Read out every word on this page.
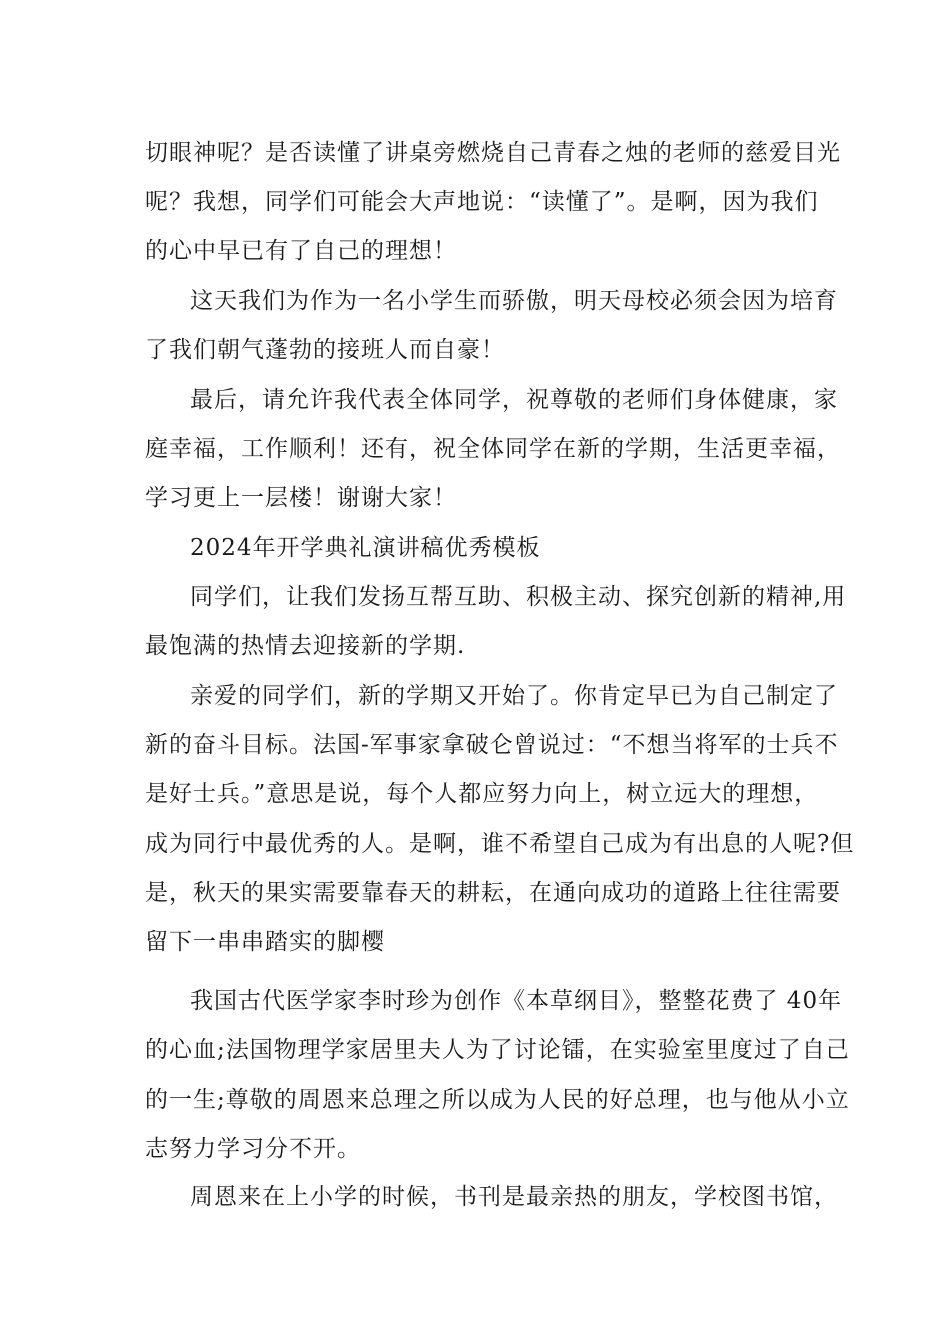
切眼神呢？是否读懂了讲桌旁燃烧自己青春之烛的老师的慈爱目光
呢？我想，同学们可能会大声地说：“读懂了”。是啊，因为我们
的心中早已有了自己的理想！
这天我们为作为一名小学生而骄傲，明天母校必须会因为培育
了我们朝气蓬勃的接班人而自豪！
最后，请允许我代表全体同学，祝尊敬的老师们身体健康，家
庭幸福，工作顺利！还有，祝全体同学在新的学期，生活更幸福，
学习更上一层楼！谢谢大家！
2024年开学典礼演讲稿优秀模板
同学们，让我们发扬互帮互助、积极主动、探究创新的精神,用
最饱满的热情去迎接新的学期.
亲爱的同学们，新的学期又开始了。你肯定早已为自己制定了
新的奋斗目标。法国-军事家拿破仑曾说过：“不想当将军的士兵不
是好士兵。”意思是说，每个人都应努力向上，树立远大的理想，
成为同行中最优秀的人。是啊，谁不希望自己成为有出息的人呢?但
是，秋天的果实需要靠春天的耕耘，在通向成功的道路上往往需要
留下一串串踏实的脚樱
我国古代医学家李时珍为创作《本草纲目》，整整花费了 40年
的心血;法国物理学家居里夫人为了讨论镭，在实验室里度过了自己
的一生;尊敬的周恩来总理之所以成为人民的好总理，也与他从小立
志努力学习分不开。
周恩来在上小学的时候，书刊是最亲热的朋友，学校图书馆，
